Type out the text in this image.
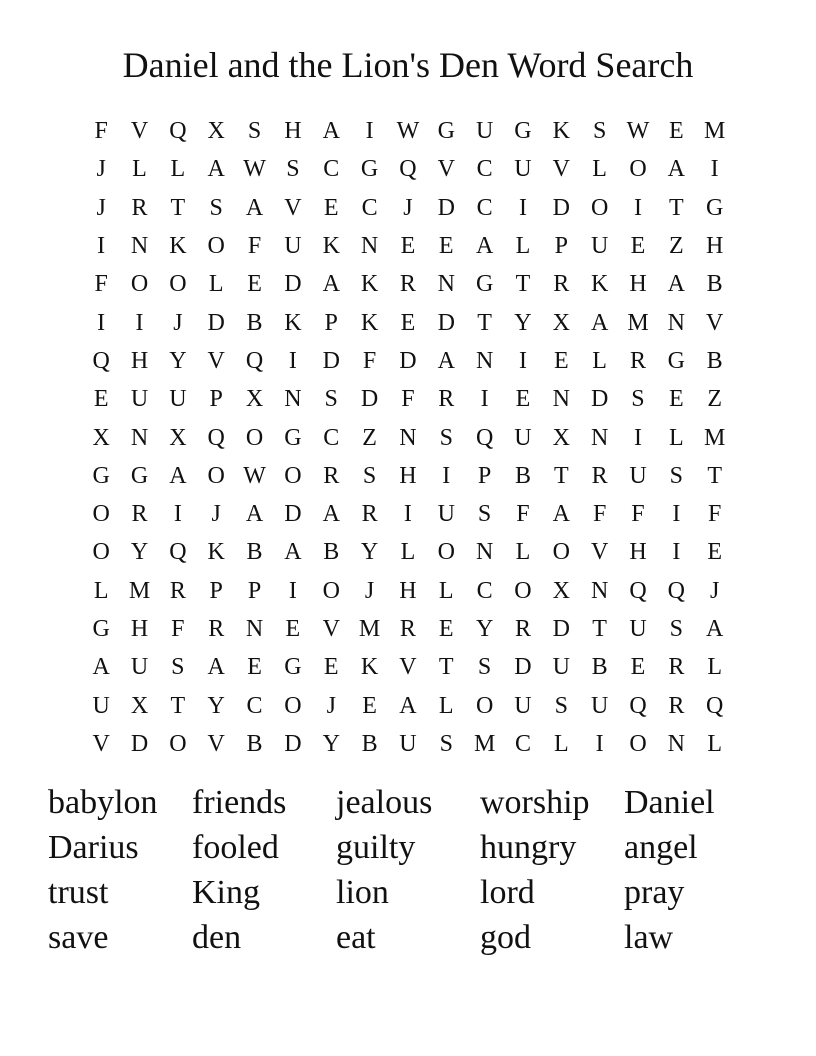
Daniel and the Lion's Den Word Search
F V Q X S H A	I W G U G K S W E M
J	L L A W S C G Q V C U V L O A	I
J	R T	S A V E C	J	D C	I	D O	I	T G
I	N K O F U K N E E A L	P U E Z H
F O O L E D A K R N G T R K H A B
I	I	J	D B K P K E D T Y X A M N V
Q H Y V Q	I	D F D A N	I	E L R G B
E U U P X N S D F R	I	E N D S	E Z
X N X Q O G C Z N S Q U X N	I	L M
G G A O W O R S H	I	P B T R U S	T
O R	I	J	A D A R	I	U S	F A F	F	I	F
O Y Q K B A B Y L O N L O V H	I	E
L M R P	P	I	O	J	H L C O X N Q Q	J
G H F R N E V M R E Y R D T U S A
A U S A E G E K V T	S D U B E R L
U X T Y C O	J	E A L O U S U Q R Q
V D O V B D Y B U S M C L	I	O N L
babylon	friends	jealous	worship	Daniel
Darius	fooled	guilty	hungry	angel
trust	King	lion	lord	pray
save	den	eat	god	law
